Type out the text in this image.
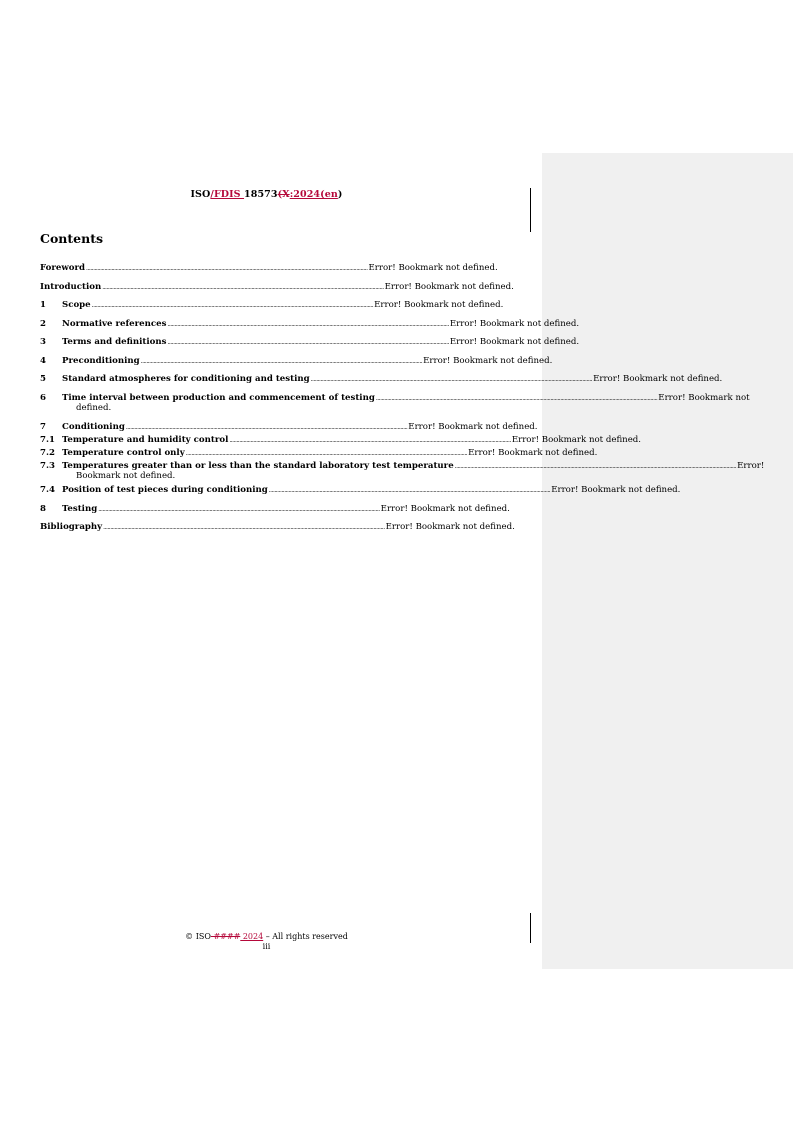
ISO/FDIS 18573(X:2024(en)
Contents
Foreword ........................................................................................................................................................................................................ Error! Bookmark not defined.
Introduction ........................................................................................................................................................................................................ Error! Bookmark not defined.
1	Scope ........................................................................................................................................................................................................ Error! Bookmark not defined.
2	Normative references ........................................................................................................................................................................................................ Error! Bookmark not defined.
3	Terms and definitions ........................................................................................................................................................................................................ Error! Bookmark not defined.
4	Preconditioning ........................................................................................................................................................................................................ Error! Bookmark not defined.
5	Standard atmospheres for conditioning and testing ........................................................................................................................................................................................................ Error! Bookmark not defined.
6	Time interval between production and commencement of testing ........................................................................................................................................................................................................ Error! Bookmark not
defined.
7	Conditioning ........................................................................................................................................................................................................ Error! Bookmark not defined.
7.1 Temperature and humidity control ........................................................................................................................................................................................................ Error! Bookmark not defined.
7.2 Temperature control only ........................................................................................................................................................................................................ Error! Bookmark not defined.
7.3 Temperatures greater than or less than the standard laboratory test temperature ........................................................................................................................................................................................................ Error!
Bookmark not defined.
7.4 Position of test pieces during conditioning ........................................................................................................................................................................................................ Error! Bookmark not defined.
8	Testing ........................................................................................................................................................................................................ Error! Bookmark not defined.
Bibliography ........................................................................................................................................................................................................ Error! Bookmark not defined.
© ISO #### 2024 – All rights reserved
iii
